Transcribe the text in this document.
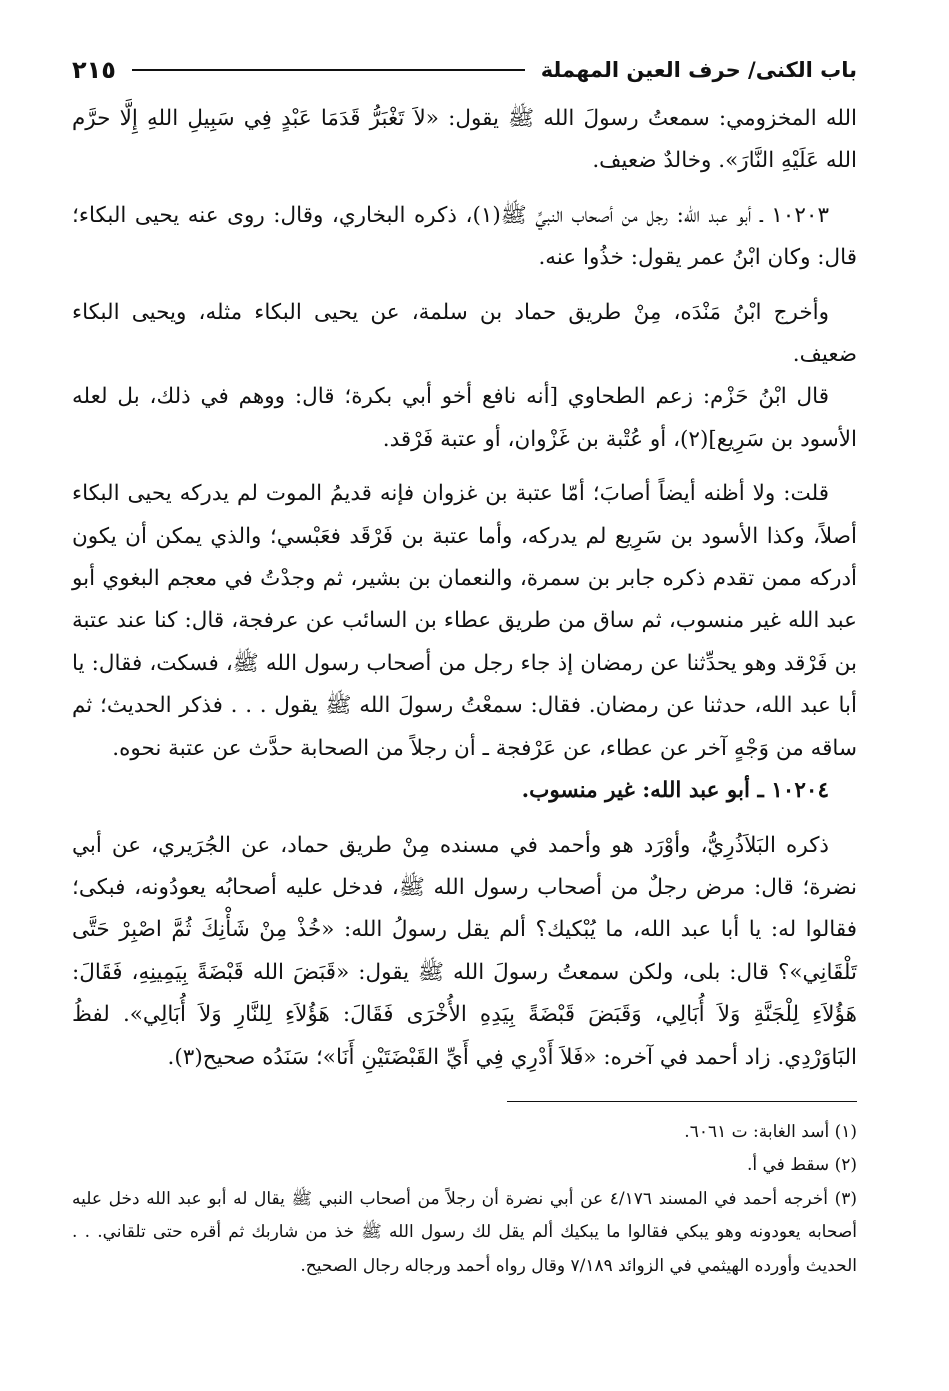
باب الكنى/ حرف العين المهملة
٢١٥

الله المخزومي: سمعتُ رسولَ الله ﷺ يقول: «لاَ تَغْبَرُّ قَدَمَا عَبْدٍ فِي سَبِيلِ اللهِ إِلَّا حرَّم الله عَلَيْهِ النَّارَ». وخالدٌ ضعيف.

١٠٢٠٣ ـ أبو عبد الله: رجل من أصحاب النبيِّ ﷺ(١)، ذكره البخاري، وقال: روى عنه يحيى البكاء؛ قال: وكان ابْنُ عمر يقول: خذُوا عنه.

وأخرج ابْنُ مَنْدَه، مِنْ طريق حماد بن سلمة، عن يحيى البكاء مثله، ويحيى البكاء ضعيف.

قال ابْنُ حَزْم: زعم الطحاوي [أنه نافع أخو أبي بكرة؛ قال: ووهم في ذلك، بل لعله الأسود بن سَرِيع](٢)، أو عُتْبة بن غَزْوان، أو عتبة فَرْقد.

قلت: ولا أظنه أيضاً أصابَ؛ أمّا عتبة بن غزوان فإنه قديمُ الموت لم يدركه يحيى البكاء أصلاً، وكذا الأسود بن سَرِيع لم يدركه، وأما عتبة بن فَرْقَد فعَبْسي؛ والذي يمكن أن يكون أدركه ممن تقدم ذكره جابر بن سمرة، والنعمان بن بشير، ثم وجدْتُ في معجم البغوي أبو عبد الله غير منسوب، ثم ساق من طريق عطاء بن السائب عن عرفجة، قال: كنا عند عتبة بن فَرْقد وهو يحدِّثنا عن رمضان إذ جاء رجل من أصحاب رسول الله ﷺ، فسكت، فقال: يا أبا عبد الله، حدثنا عن رمضان. فقال: سمعْتُ رسولَ الله ﷺ يقول . . . فذكر الحديث؛ ثم ساقه من وَجْهٍ آخر عن عطاء، عن عَرْفجة ـ أن رجلاً من الصحابة حدَّث عن عتبة نحوه.

١٠٢٠٤ ـ أبو عبد الله: غير منسوب.

ذكره البَلاَذُرِيُّ، وأوْرَد هو وأحمد في مسنده مِنْ طريق حماد، عن الجُرَيري، عن أبي نضرة؛ قال: مرض رجلٌ من أصحاب رسول الله ﷺ، فدخل عليه أصحابُه يعودُونه، فبكى؛ فقالوا له: يا أبا عبد الله، ما يُبْكيك؟ ألم يقل رسولُ الله: «خُذْ مِنْ شَأْنِكَ ثُمَّ اصْبِرْ حَتَّى تَلْقَانِي»؟ قال: بلى، ولكن سمعتُ رسولَ الله ﷺ يقول: «قَبَضَ الله قَبْضَةً بِيَمِينِهِ، فَقَالَ: هَؤُلاَءِ لِلْجَنَّةِ وَلاَ أُبَالِي، وَقَبَضَ قَبْضَةً بِيَدِهِ الأُخْرَى فَقَالَ: هَؤُلاَءِ لِلنَّارِ وَلاَ أُبَالِي». لفظُ البَاوَرْدِي. زاد أحمد في آخره: «فَلاَ أَدْرِي فِي أَيِّ القَبْضَتَيْنِ أَنَا»؛ سَنَدُه صحيح(٣).

(١) أسد الغابة: ت ٦٠٦١.

(٢) سقط في أ.

(٣) أخرجه أحمد في المسند ٤/١٧٦ عن أبي نضرة أن رجلاً من أصحاب النبي ﷺ يقال له أبو عبد الله دخل عليه أصحابه يعودونه وهو يبكي فقالوا ما يبكيك ألم يقل لك رسول الله ﷺ خذ من شاربك ثم أقره حتى تلقاني. . . الحديث وأورده الهيثمي في الزوائد ٧/١٨٩ وقال رواه أحمد ورجاله رجال الصحيح.
